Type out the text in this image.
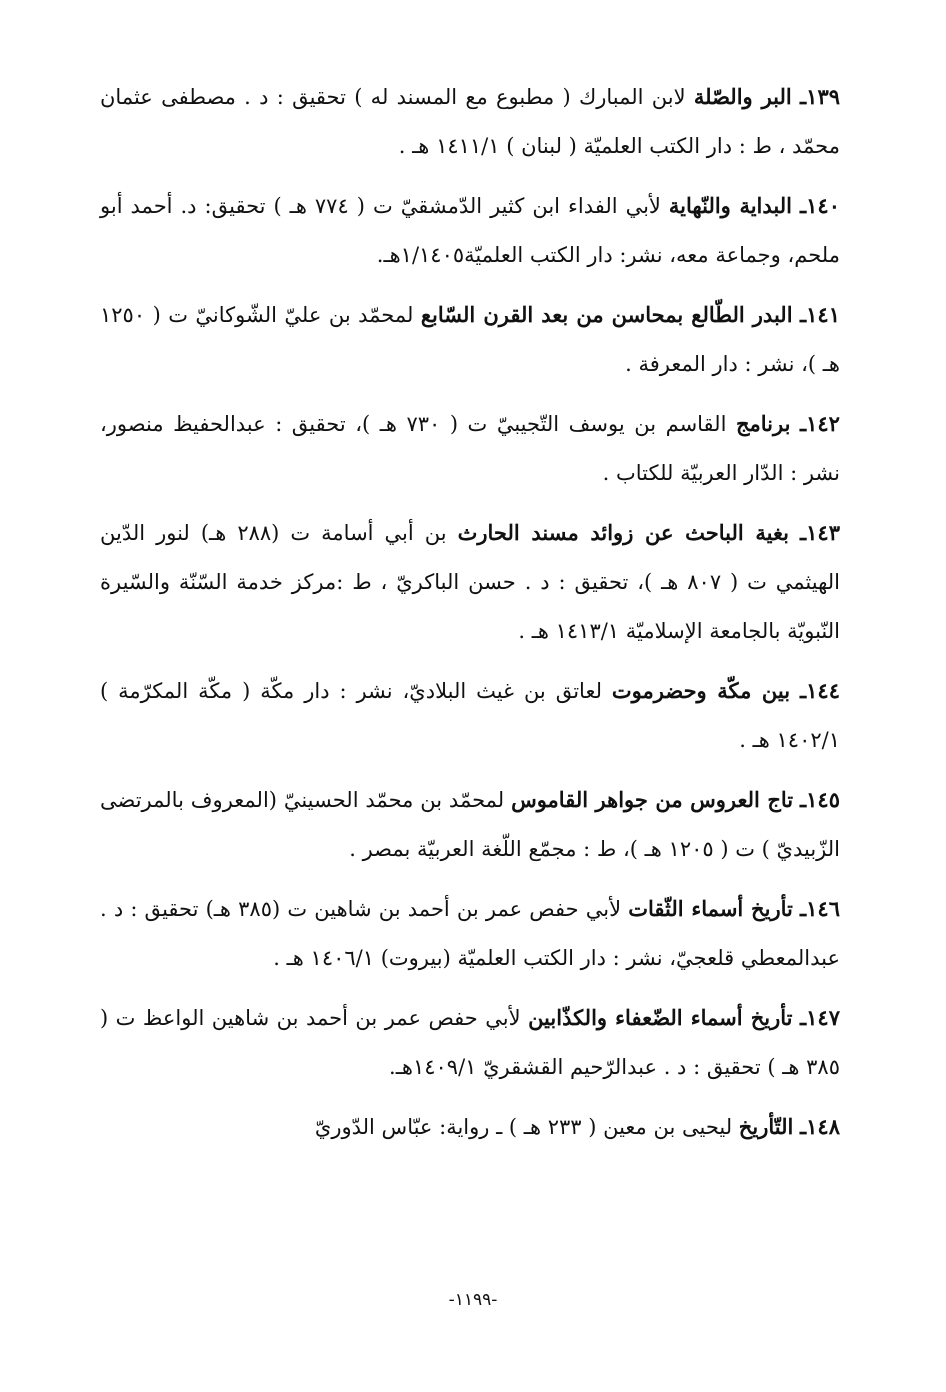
١٣٩ـ البر والصّلة لابن المبارك ( مطبوع مع المسند له ) تحقيق : د . مصطفى عثمان محمّد ، ط : دار الكتب العلميّة ( لبنان ) ١٤١١/١ هـ .

١٤٠ـ البداية والنّهاية لأبي الفداء ابن كثير الدّمشقيّ ت ( ٧٧٤ هـ ) تحقيق: د. أحمد أبو ملحم، وجماعة معه، نشر: دار الكتب العلميّة١/١٤٠٥هـ.

١٤١ـ البدر الطّالع بمحاسن من بعد القرن السّابع لمحمّد بن عليّ الشّوكانيّ ت ( ١٢٥٠ هـ )، نشر : دار المعرفة .

١٤٢ـ برنامج القاسم بن يوسف التّجيبيّ ت ( ٧٣٠ هـ )، تحقيق : عبدالحفيظ منصور، نشر : الدّار العربيّة للكتاب .

١٤٣ـ بغية الباحث عن زوائد مسند الحارث بن أبي أسامة ت (٢٨٨ هـ) لنور الدّين الهيثمي ت ( ٨٠٧ هـ )، تحقيق : د . حسن الباكريّ ، ط :مركز خدمة السّنّة والسّيرة النّبويّة بالجامعة الإسلاميّة ١٤١٣/١ هـ .

١٤٤ـ بين مكّة وحضرموت لعاتق بن غيث البلاديّ، نشر : دار مكّة ( مكّة المكرّمة ) ١٤٠٢/١ هـ .

١٤٥ـ تاج العروس من جواهر القاموس لمحمّد بن محمّد الحسينيّ (المعروف بالمرتضى الزّبيديّ ) ت ( ١٢٠٥ هـ )، ط : مجمّع اللّغة العربيّة بمصر .

١٤٦ـ تأريخ أسماء الثّقات لأبي حفص عمر بن أحمد بن شاهين ت (٣٨٥ هـ) تحقيق : د . عبدالمعطي قلعجيّ، نشر : دار الكتب العلميّة (بيروت) ١٤٠٦/١ هـ .

١٤٧ـ تأريخ أسماء الضّعفاء والكذّابين لأبي حفص عمر بن أحمد بن شاهين الواعظ ت ( ٣٨٥ هـ ) تحقيق : د . عبدالرّحيم القشقريّ ١٤٠٩/١هـ.

١٤٨ـ التّأريخ ليحيى بن معين ( ٢٣٣ هـ ) ـ رواية: عبّاس الدّوريّ

-١١٩٩-
